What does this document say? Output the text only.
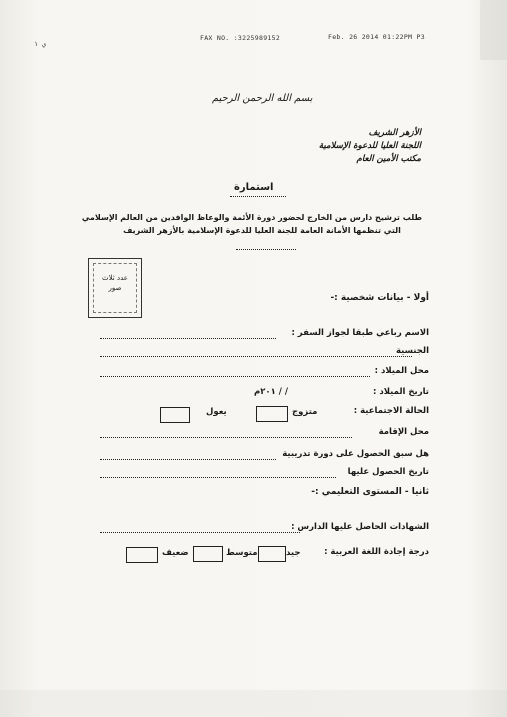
FAX NO. :3225989152	Feb. 26 2014 01:22PM P3
ي ١
بسم الله الرحمن الرحيم
الأزهر الشريف
اللجنة العليا للدعوة الإسلامية
مكتب الأمين العام
استمارة
طلب ترشيح دارس من الخارج لحضور دورة الأئمة والوعاظ الوافدين من العالم الإسلامي
التي تنظمها الأمانة العامة للجنة العليا للدعوة الإسلامية بالأزهر الشريف
عدد ثلاث
صور
أولا - بيانات شخصية :-
الاسم رباعي طبقا لجواز السفر :
الجنسية
محل الميلاد :
تاريخ الميلاد :
/ / ٢٠١م
الحالة الاجتماعية :
متزوج
يعول
محل الإقامة
هل سبق الحصول على دورة تدريبية
تاريخ الحصول عليها
ثانيا - المستوى التعليمي :-
الشهادات الحاصل عليها الدارس :
درجة إجادة اللغة العربية :
جيد
متوسط
ضعيف
